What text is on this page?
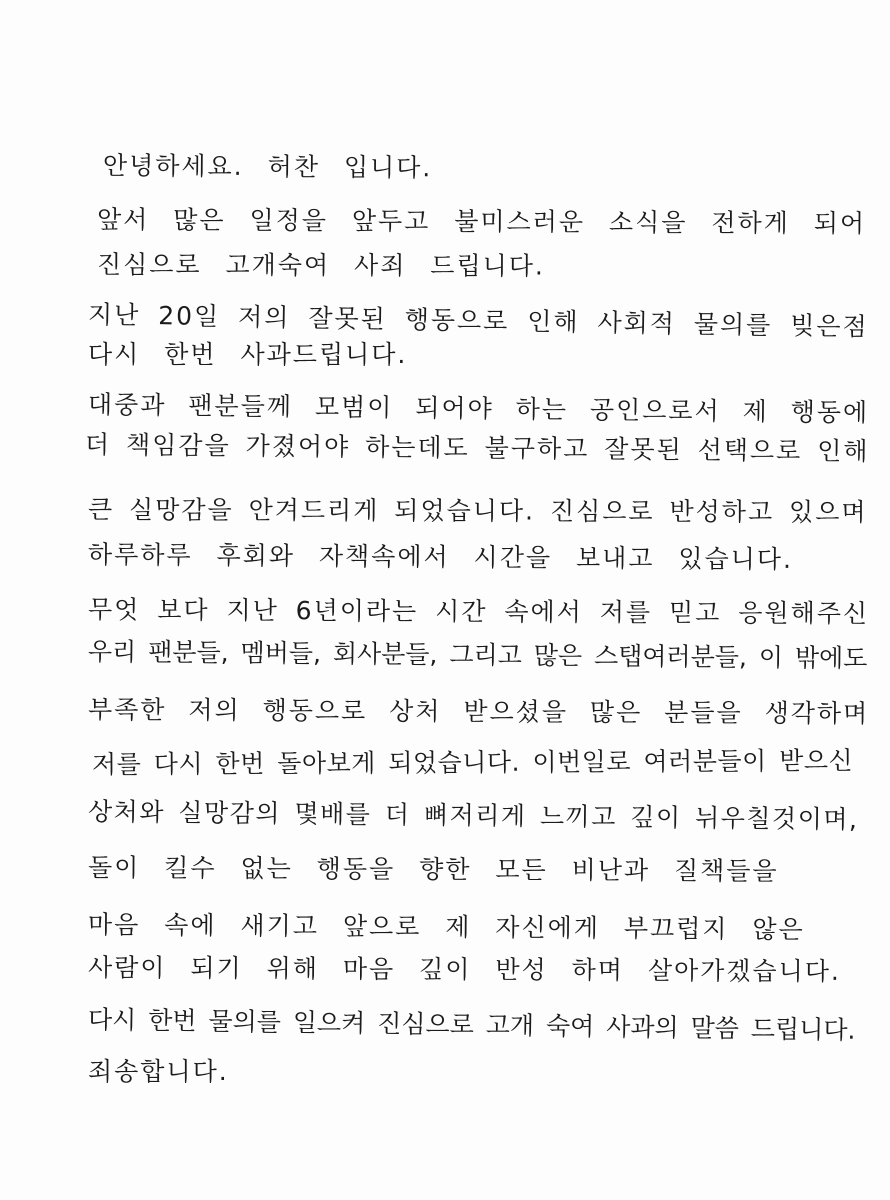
안녕하세요. 허찬 입니다.
앞서 많은 일정을 앞두고 불미스러운 소식을 전하게 되어
진심으로 고개숙여 사죄 드립니다.
지난 20일 저의 잘못된 행동으로 인해 사회적 물의를 빚은점
다시 한번 사과드립니다.
대중과 팬분들께 모범이 되어야 하는 공인으로서 제 행동에
더 책임감을 가졌어야 하는데도 불구하고 잘못된 선택으로 인해
큰 실망감을 안겨드리게 되었습니다. 진심으로 반성하고 있으며
하루하루 후회와 자책속에서 시간을 보내고 있습니다.
무엇 보다 지난 6년이라는 시간 속에서 저를 믿고 응원해주신
우리 팬분들, 멤버들, 회사분들, 그리고 많은 스탭여러분들, 이 밖에도
부족한 저의 행동으로 상처 받으셨을 많은 분들을 생각하며
저를 다시 한번 돌아보게 되었습니다. 이번일로 여러분들이 받으신
상처와 실망감의 몇배를 더 뼈저리게 느끼고 깊이 뉘우칠것이며,
돌이 킬수 없는 행동을 향한 모든 비난과 질책들을
마음 속에 새기고 앞으로 제 자신에게 부끄럽지 않은
사람이 되기 위해 마음 깊이 반성 하며 살아가겠습니다.
다시 한번 물의를 일으켜 진심으로 고개 숙여 사과의 말씀 드립니다.
죄송합니다.
